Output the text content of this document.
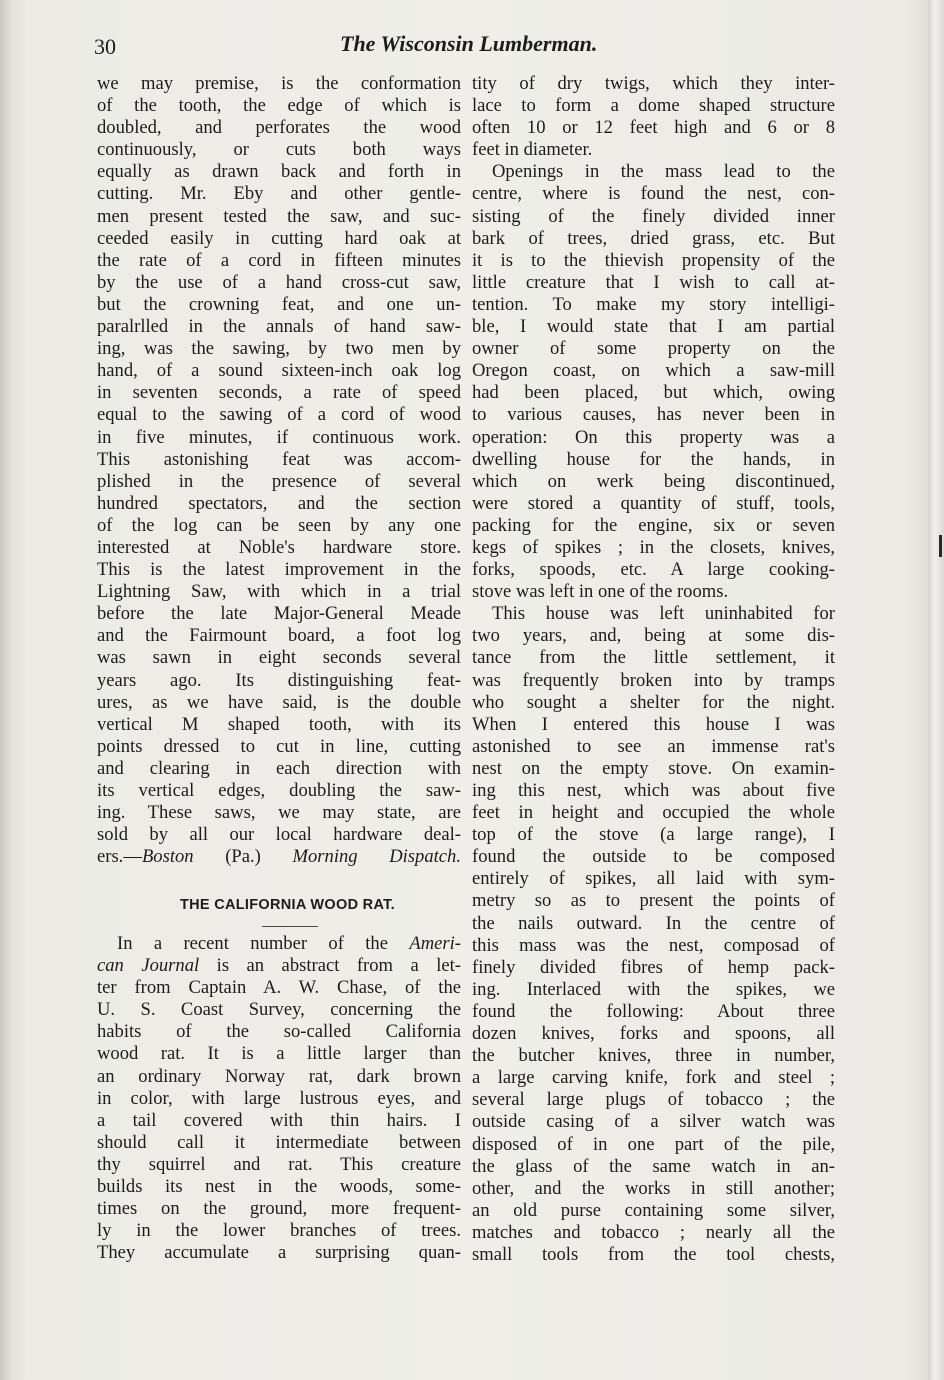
30	The Wisconsin Lumberman.
we may premise, is the conformation
of the tooth, the edge of which is
doubled, and perforates the wood
continuously, or cuts both ways
equally as drawn back and forth in
cutting. Mr. Eby and other gentle-
men present tested the saw, and suc-
ceeded easily in cutting hard oak at
the rate of a cord in fifteen minutes
by the use of a hand cross-cut saw,
but the crowning feat, and one un-
paralrlled in the annals of hand saw-
ing, was the sawing, by two men by
hand, of a sound sixteen-inch oak log
in seventen seconds, a rate of speed
equal to the sawing of a cord of wood
in five minutes, if continuous work.
This astonishing feat was accom-
plished in the presence of several
hundred spectators, and the section
of the log can be seen by any one
interested at Noble's hardware store.
This is the latest improvement in the
Lightning Saw, with which in a trial
before the late Major-General Meade
and the Fairmount board, a foot log
was sawn in eight seconds several
years ago. Its distinguishing feat-
ures, as we have said, is the double
vertical M shaped tooth, with its
points dressed to cut in line, cutting
and clearing in each direction with
its vertical edges, doubling the saw-
ing. These saws, we may state, are
sold by all our local hardware deal-
ers.—Boston (Pa.) Morning Dispatch.
THE CALIFORNIA WOOD RAT.
In a recent number of the Ameri-
can Journal is an abstract from a let-
ter from Captain A. W. Chase, of the
U. S. Coast Survey, concerning the
habits of the so-called California
wood rat. It is a little larger than
an ordinary Norway rat, dark brown
in color, with large lustrous eyes, and
a tail covered with thin hairs. I
should call it intermediate between
thy squirrel and rat. This creature
builds its nest in the woods, some-
times on the ground, more frequent-
ly in the lower branches of trees.
They accumulate a surprising quan-
tity of dry twigs, which they inter-
lace to form a dome shaped structure
often 10 or 12 feet high and 6 or 8
feet in diameter.
Openings in the mass lead to the
centre, where is found the nest, con-
sisting of the finely divided inner
bark of trees, dried grass, etc. But
it is to the thievish propensity of the
little creature that I wish to call at-
tention. To make my story intelligi-
ble, I would state that I am partial
owner of some property on the
Oregon coast, on which a saw-mill
had been placed, but which, owing
to various causes, has never been in
operation: On this property was a
dwelling house for the hands, in
which on werk being discontinued,
were stored a quantity of stuff, tools,
packing for the engine, six or seven
kegs of spikes ; in the closets, knives,
forks, spoods, etc. A large cooking-
stove was left in one of the rooms.
This house was left uninhabited for
two years, and, being at some dis-
tance from the little settlement, it
was frequently broken into by tramps
who sought a shelter for the night.
When I entered this house I was
astonished to see an immense rat's
nest on the empty stove. On examin-
ing this nest, which was about five
feet in height and occupied the whole
top of the stove (a large range), I
found the outside to be composed
entirely of spikes, all laid with sym-
metry so as to present the points of
the nails outward. In the centre of
this mass was the nest, composad of
finely divided fibres of hemp pack-
ing. Interlaced with the spikes, we
found the following: About three
dozen knives, forks and spoons, all
the butcher knives, three in number,
a large carving knife, fork and steel ;
several large plugs of tobacco ; the
outside casing of a silver watch was
disposed of in one part of the pile,
the glass of the same watch in an-
other, and the works in still another;
an old purse containing some silver,
matches and tobacco ; nearly all the
small tools from the tool chests,
